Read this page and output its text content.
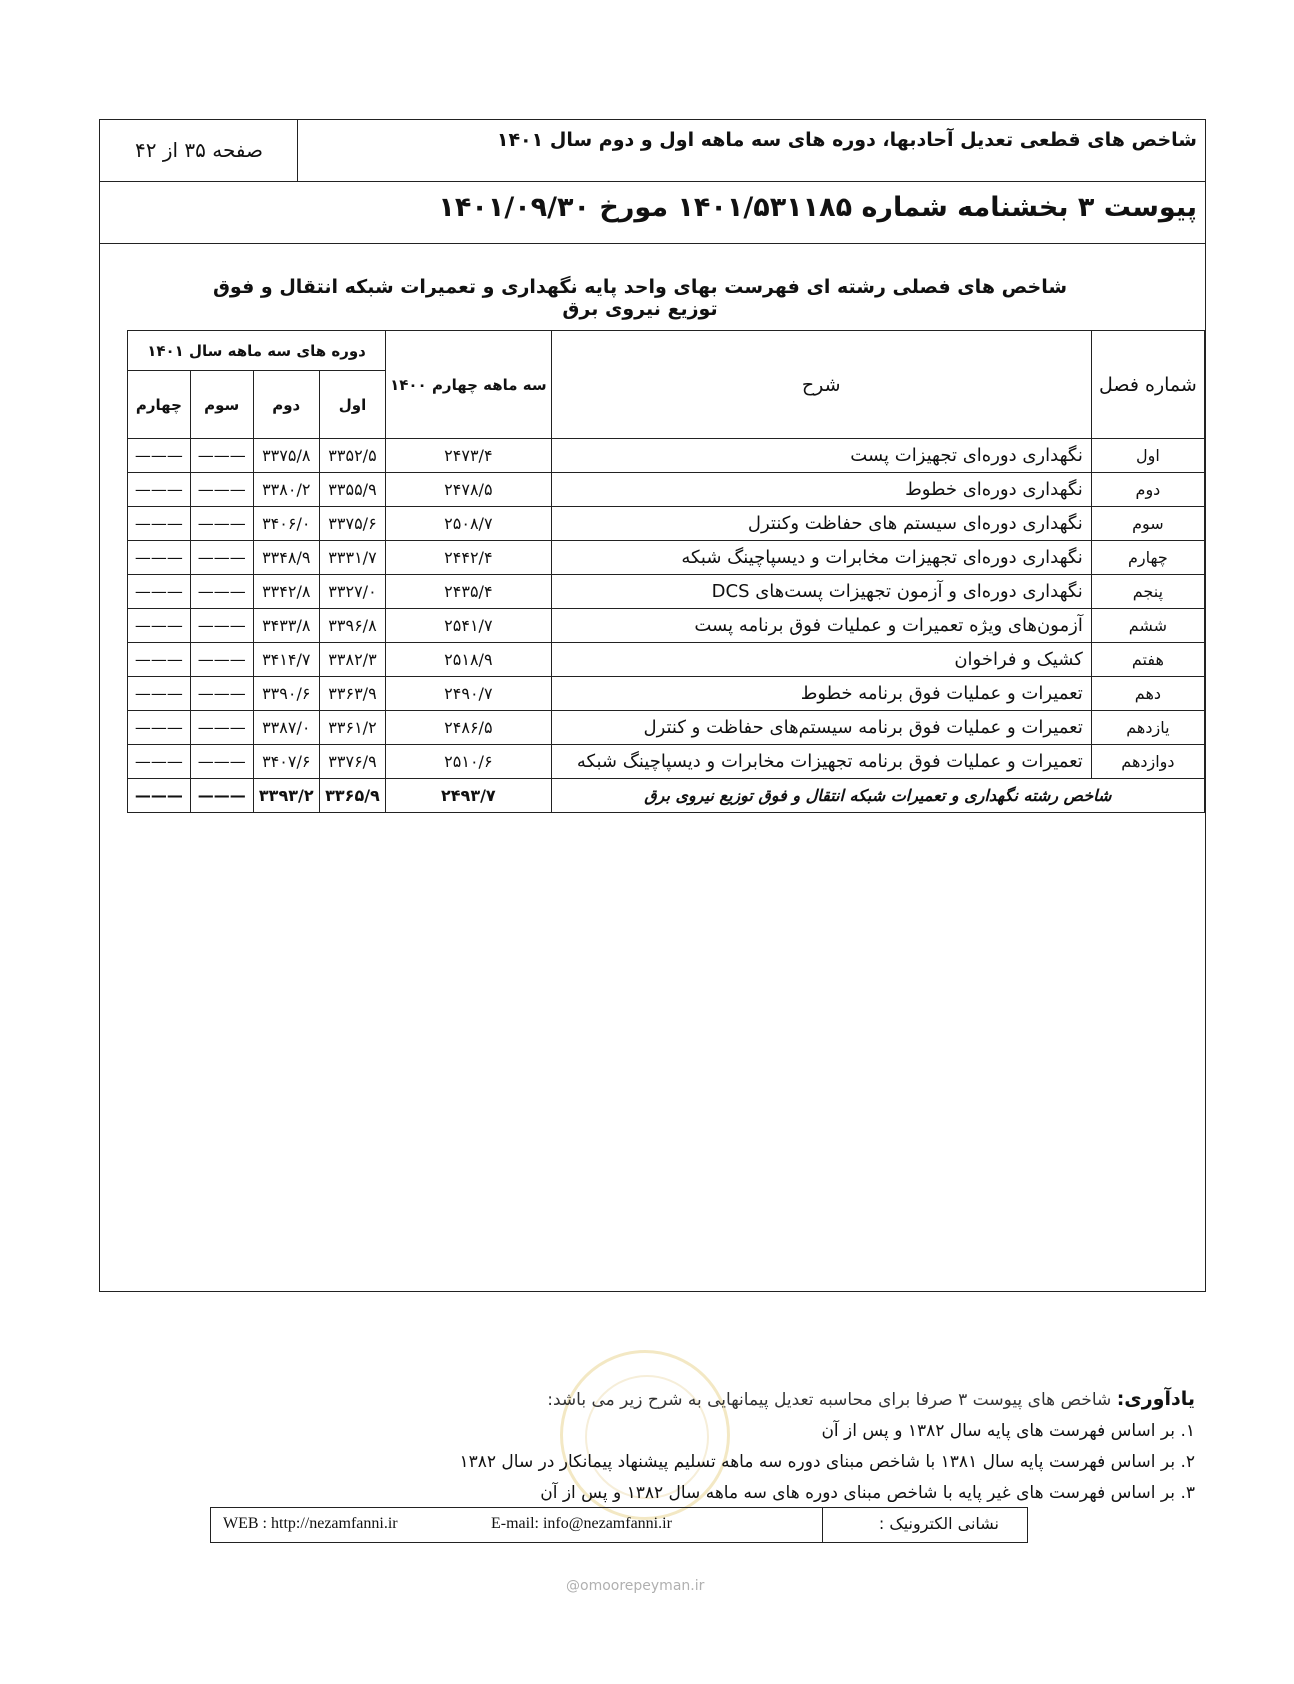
شاخص های قطعی تعدیل آحادبها، دوره های سه ماهه اول و دوم سال ۱۴۰۱
صفحه ۳۵ از ۴۲
پیوست ۳ بخشنامه شماره ۱۴۰۱/۵۳۱۱۸۵ مورخ ۱۴۰۱/۰۹/۳۰
شاخص های فصلی رشته ای فهرست بهای واحد پایه نگهداری و تعمیرات شبکه انتقال و فوق توزیع نیروی برق
شماره فصل	شرح	سه ماهه چهارم ۱۴۰۰	دوره های سه ماهه سال ۱۴۰۱			
			اول	دوم	سوم	چهارم
اول	نگهداری دوره‌ای تجهیزات پست	۲۴۷۳/۴	۳۳۵۲/۵	۳۳۷۵/۸	———	———
دوم	نگهداری دوره‌ای خطوط	۲۴۷۸/۵	۳۳۵۵/۹	۳۳۸۰/۲	———	———
سوم	نگهداری دوره‌ای سیستم های حفاظت وکنترل	۲۵۰۸/۷	۳۳۷۵/۶	۳۴۰۶/۰	———	———
چهارم	نگهداری دوره‌ای تجهیزات مخابرات و دیسپاچینگ شبکه	۲۴۴۲/۴	۳۳۳۱/۷	۳۳۴۸/۹	———	———
پنجم	نگهداری دوره‌ای و آزمون تجهیزات پست‌های DCS	۲۴۳۵/۴	۳۳۲۷/۰	۳۳۴۲/۸	———	———
ششم	آزمون‌های ویژه تعمیرات و عملیات فوق برنامه پست	۲۵۴۱/۷	۳۳۹۶/۸	۳۴۳۳/۸	———	———
هفتم	کشیک و فراخوان	۲۵۱۸/۹	۳۳۸۲/۳	۳۴۱۴/۷	———	———
دهم	تعمیرات و عملیات فوق برنامه خطوط	۲۴۹۰/۷	۳۳۶۳/۹	۳۳۹۰/۶	———	———
یازدهم	تعمیرات و عملیات فوق برنامه سیستم‌های حفاظت و کنترل	۲۴۸۶/۵	۳۳۶۱/۲	۳۳۸۷/۰	———	———
دوازدهم	تعمیرات و عملیات فوق برنامه تجهیزات مخابرات و دیسپاچینگ شبکه	۲۵۱۰/۶	۳۳۷۶/۹	۳۴۰۷/۶	———	———
شاخص رشته نگهداری و تعمیرات شبکه انتقال و فوق توزیع نیروی برق		۲۴۹۳/۷	۳۳۶۵/۹	۳۳۹۳/۲	———	———
یادآوری: شاخص های پیوست ۳ صرفا برای محاسبه تعدیل پیمانهایی به شرح زیر می باشد:
۱. بر اساس فهرست های پایه سال ۱۳۸۲ و پس از آن
۲. بر اساس فهرست پایه سال ۱۳۸۱ با شاخص مبنای دوره سه ماهه تسلیم پیشنهاد پیمانکار در سال ۱۳۸۲
۳. بر اساس فهرست های غیر پایه با شاخص مبنای دوره های سه ماهه سال ۱۳۸۲ و پس از آن
نشانی الکترونیک :
E-mail: info@nezamfanni.ir
WEB : http://nezamfanni.ir
@omoorepeyman.ir
